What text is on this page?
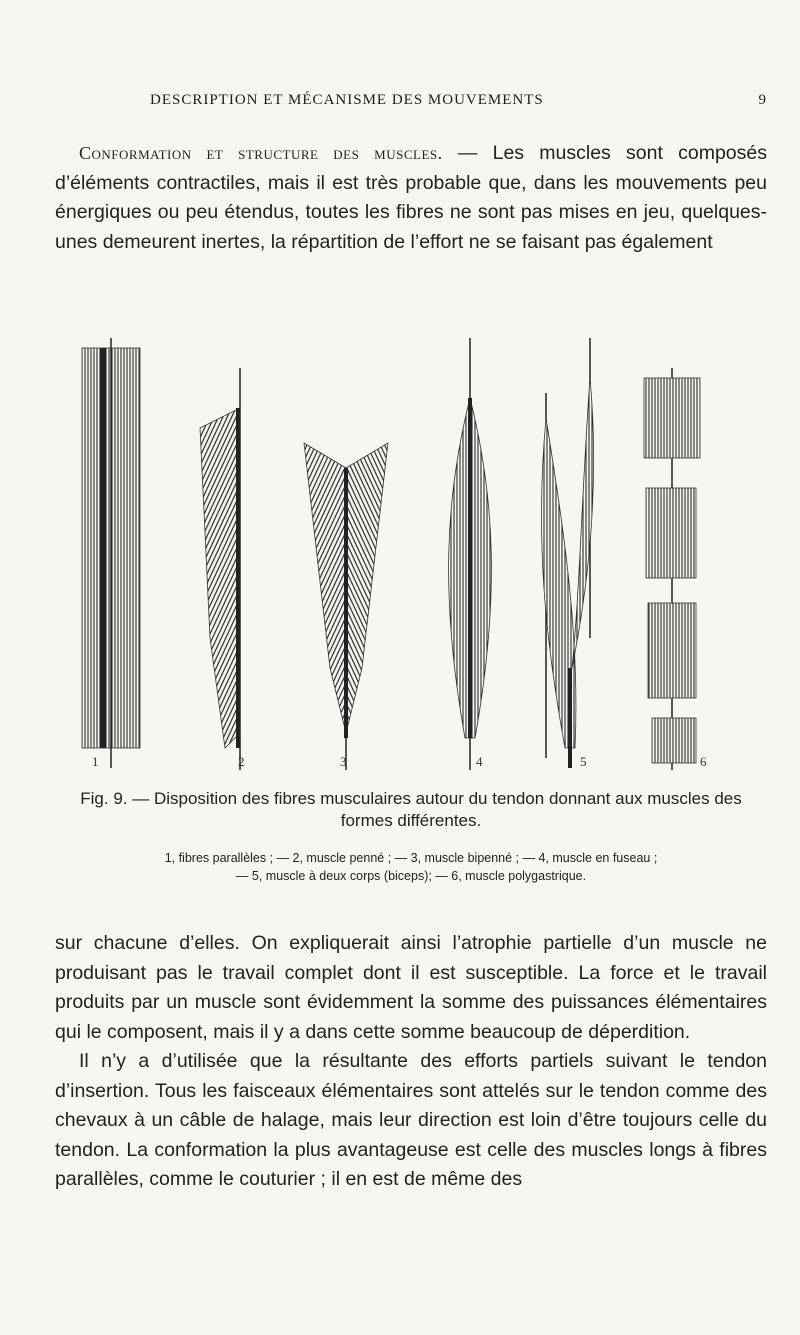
DESCRIPTION ET MÉCANISME DES MOUVEMENTS	9
Conformation et structure des muscles. — Les muscles sont composés d’éléments contractiles, mais il est très probable que, dans les mouvements peu énergiques ou peu étendus, toutes les fibres ne sont pas mises en jeu, quelques-unes demeurent inertes, la répartition de l’effort ne se faisant pas également
1	2	3	4	5	6
Fig. 9. — Disposition des fibres musculaires autour du tendon donnant aux muscles des formes différentes.
1, fibres parallèles ; — 2, muscle penné ; — 3, muscle bipenné ; — 4, muscle en fuseau ;
— 5, muscle à deux corps (biceps); — 6, muscle polygastrique.
sur chacune d’elles. On expliquerait ainsi l’atrophie partielle d’un muscle ne produisant pas le travail complet dont il est susceptible. La force et le travail produits par un muscle sont évidemment la somme des puissances élémentaires qui le composent, mais il y a dans cette somme beaucoup de déperdition.
Il n’y a d’utilisée que la résultante des efforts partiels suivant le tendon d’insertion. Tous les faisceaux élémentaires sont attelés sur le tendon comme des chevaux à un câble de halage, mais leur direction est loin d’être toujours celle du tendon. La conformation la plus avantageuse est celle des muscles longs à fibres parallèles, comme le couturier ; il en est de même des
